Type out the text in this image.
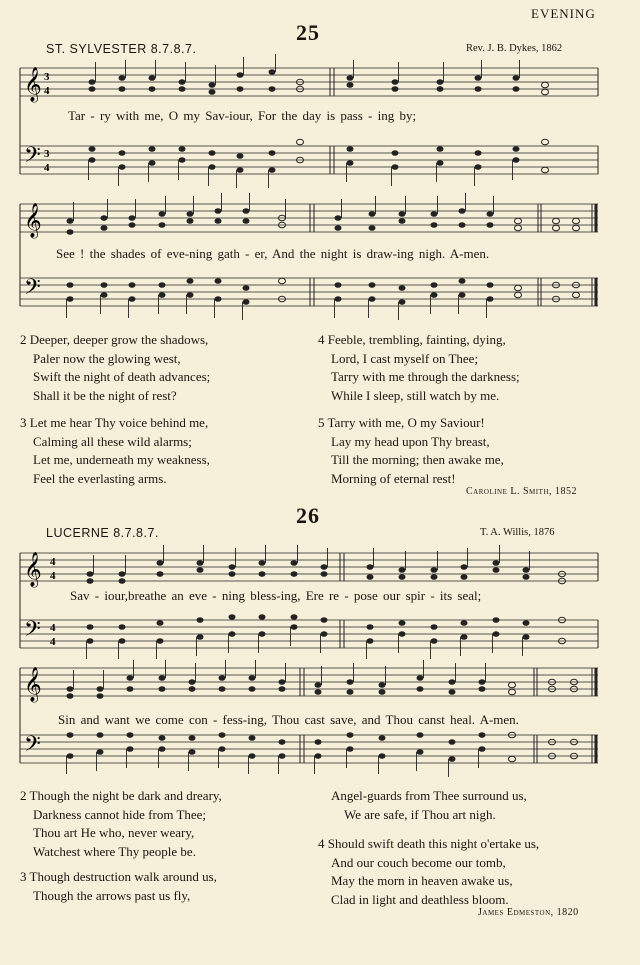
EVENING
25
ST. SYLVESTER 8.7.8.7.	Rev. J. B. Dykes, 1862
𝄞
𝄢
3
4
3
4
Tar - ry with me, O my Sav-iour, For the day is pass - ing by;
𝄞
𝄢
See ! the shades of eve-ning gath - er, And the night is draw-ing nigh. A-men.
2 Deeper, deeper grow the shadows,
Paler now the glowing west,
Swift the night of death advances;
Shall it be the night of rest?
4 Feeble, trembling, fainting, dying,
Lord, I cast myself on Thee;
Tarry with me through the darkness;
While I sleep, still watch by me.
3 Let me hear Thy voice behind me,
Calming all these wild alarms;
Let me, underneath my weakness,
Feel the everlasting arms.
5 Tarry with me, O my Saviour!
Lay my head upon Thy breast,
Till the morning; then awake me,
Morning of eternal rest!
Caroline L. Smith, 1852
26
LUCERNE 8.7.8.7.	T. A. Willis, 1876
𝄞
𝄢
4
4
4
4
Sav - iour,breathe an eve - ning bless-ing, Ere re - pose our spir - its seal;
𝄞
𝄢
Sin and want we come con - fess-ing, Thou cast save, and Thou canst heal. A-men.
2 Though the night be dark and dreary,
Darkness cannot hide from Thee;
Thou art He who, never weary,
Watchest where Thy people be.
Angel-guards from Thee surround us,
We are safe, if Thou art nigh.
3 Though destruction walk around us,
Though the arrows past us fly,
4 Should swift death this night o'ertake us,
And our couch become our tomb,
May the morn in heaven awake us,
Clad in light and deathless bloom.
James Edmeston, 1820
